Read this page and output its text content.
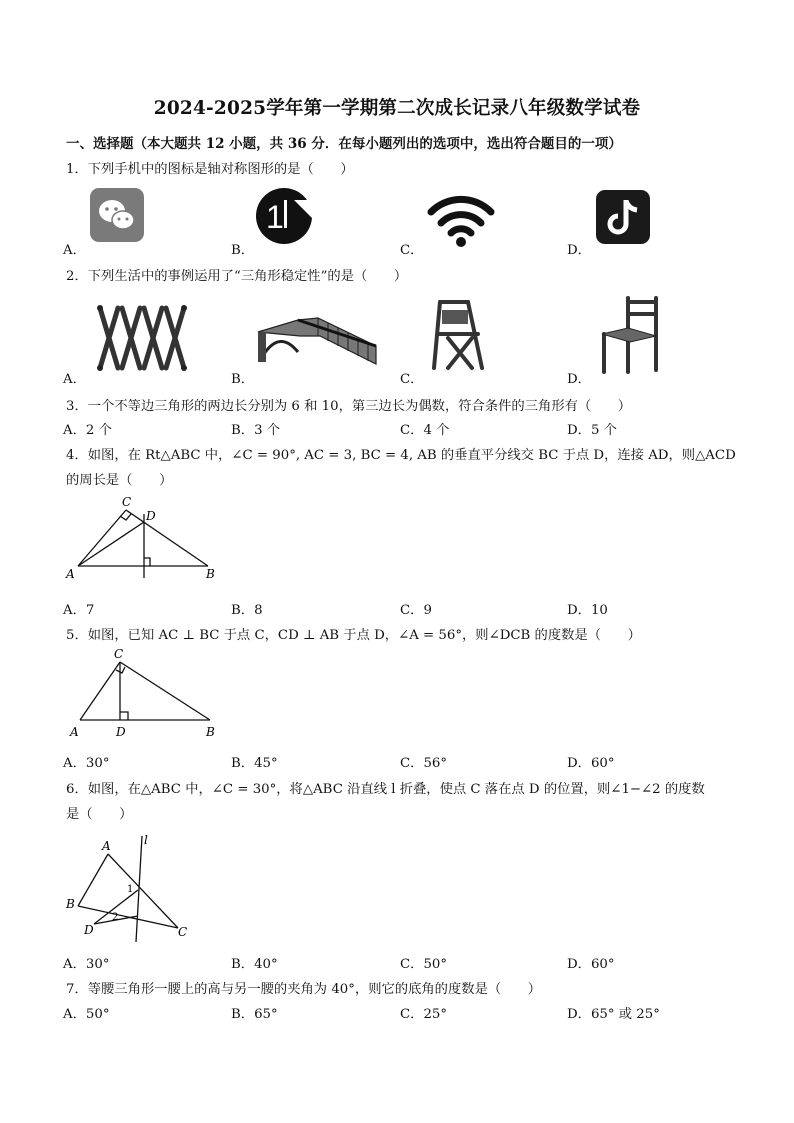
2024-2025学年第一学期第二次成长记录八年级数学试卷
一、选择题（本大题共 12 小题，共 36 分．在每小题列出的选项中，选出符合题目的一项）
1．下列手机中的图标是轴对称图形的是（　　）
1
A．	B．	C．	D．
2．下列生活中的事例运用了“三角形稳定性”的是（　　）
A．	B．	C．	D．
3．一个不等边三角形的两边长分别为 6 和 10，第三边长为偶数，符合条件的三角形有（　　）
A．2 个	B．3 个	C．4 个	D．5 个
4．如图，在 Rt△ABC 中，∠C = 90°, AC = 3, BC = 4, AB 的垂直平分线交 BC 于点 D，连接 AD，则△ACD
的周长是（　　）
A	B
C
D
A．7	B．8	C．9	D．10
5．如图，已知 AC ⊥ BC 于点 C，CD ⊥ AB 于点 D，∠A = 56°，则∠DCB 的度数是（　　）
A	B
C
D
A．30°	B．45°	C．56°	D．60°
6．如图，在△ABC 中，∠C = 30°，将△ABC 沿直线 l 折叠，使点 C 落在点 D 的位置，则∠1−∠2 的度数
是（　　）
A
B
C
D
l
1
2
A．30°	B．40°	C．50°	D．60°
7．等腰三角形一腰上的高与另一腰的夹角为 40°，则它的底角的度数是（　　）
A．50°	B．65°	C．25°	D．65° 或 25°
